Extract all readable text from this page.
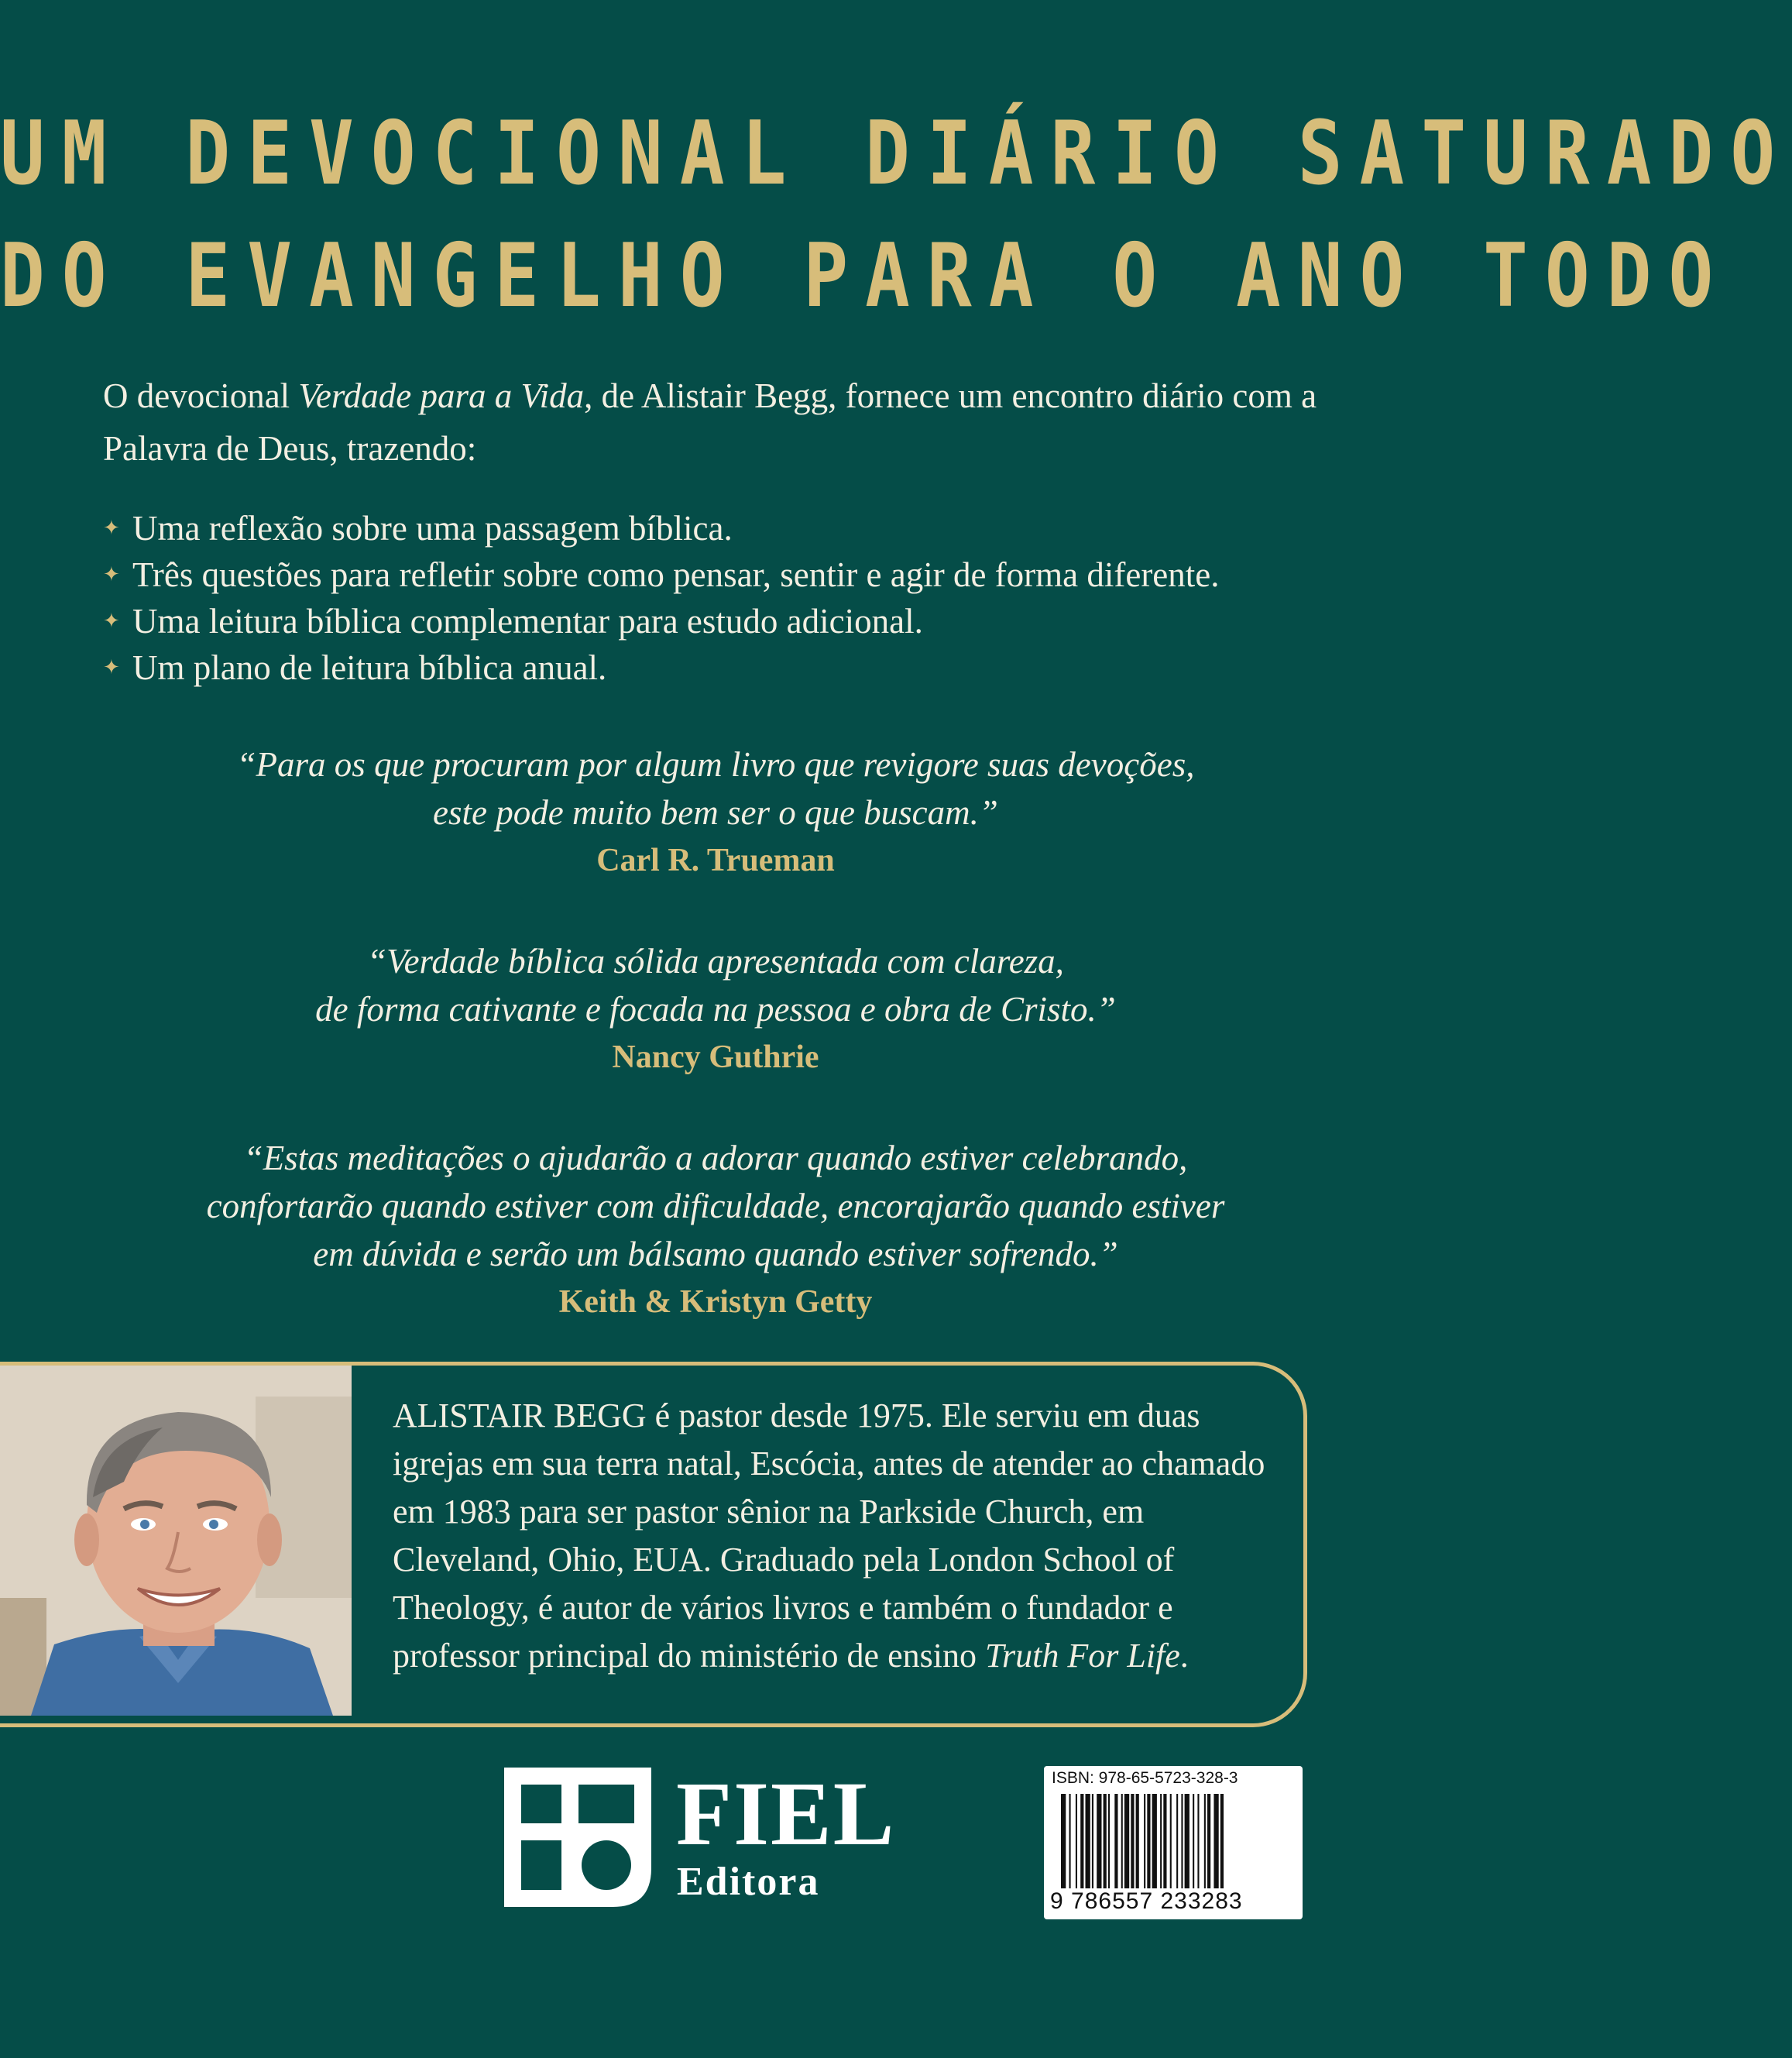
UM DEVOCIONAL DIÁRIO SATURADO
DO EVANGELHO PARA O ANO TODO
O devocional Verdade para a Vida, de Alistair Begg, fornece um encontro diário com a Palavra de Deus, trazendo:
✦ Uma reflexão sobre uma passagem bíblica.
✦ Três questões para refletir sobre como pensar, sentir e agir de forma diferente.
✦ Uma leitura bíblica complementar para estudo adicional.
✦ Um plano de leitura bíblica anual.
“Para os que procuram por algum livro que revigore suas devoções,
este pode muito bem ser o que buscam.”
Carl R. Trueman
“Verdade bíblica sólida apresentada com clareza,
de forma cativante e focada na pessoa e obra de Cristo.”
Nancy Guthrie
“Estas meditações o ajudarão a adorar quando estiver celebrando,
confortarão quando estiver com dificuldade, encorajarão quando estiver
em dúvida e serão um bálsamo quando estiver sofrendo.”
Keith & Kristyn Getty
ALISTAIR BEGG é pastor desde 1975. Ele serviu em duas igrejas em sua terra natal, Escócia, antes de atender ao chamado em 1983 para ser pastor sênior na Parkside Church, em Cleveland, Ohio, EUA. Graduado pela London School of Theology, é autor de vários livros e também o fundador e professor principal do ministério de ensino Truth For Life.
FIEL
Editora
ISBN: 978-65-5723-328-3
9 786557 233283
